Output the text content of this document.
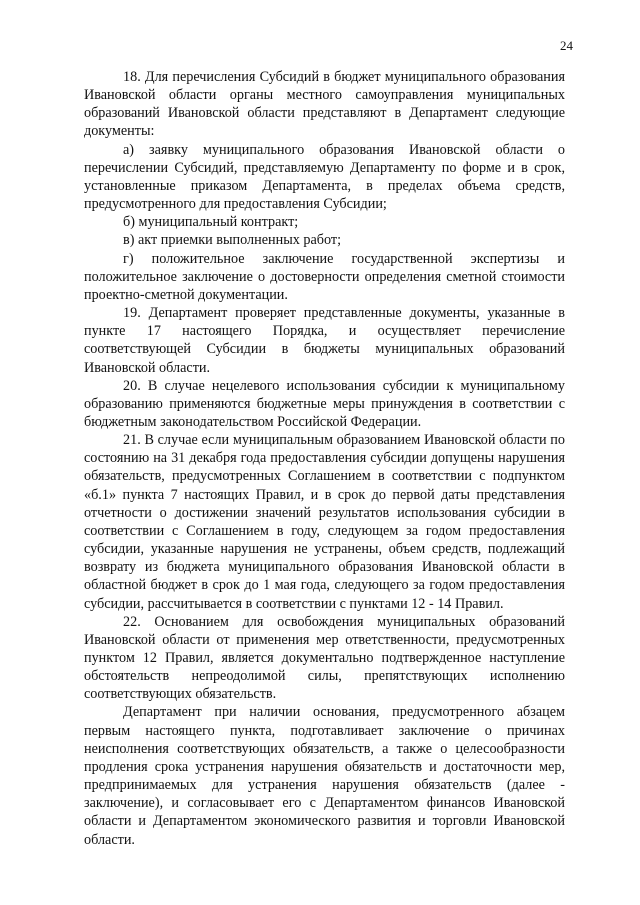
24

18. Для перечисления Субсидий в бюджет муниципального образования Ивановской области органы местного самоуправления муниципальных образований Ивановской области представляют в Департамент следующие документы:

а) заявку муниципального образования Ивановской области о перечислении Субсидий, представляемую Департаменту по форме и в срок, установленные приказом Департамента, в пределах объема средств, предусмотренного для предоставления Субсидии;

б) муниципальный контракт;

в) акт приемки выполненных работ;

г) положительное заключение государственной экспертизы и положительное заключение о достоверности определения сметной стоимости проектно-сметной документации.

19. Департамент проверяет представленные документы, указанные в пункте 17 настоящего Порядка, и осуществляет перечисление соответствующей Субсидии в бюджеты муниципальных образований Ивановской области.

20. В случае нецелевого использования субсидии к муниципальному образованию применяются бюджетные меры принуждения в соответствии с бюджетным законодательством Российской Федерации.

21. В случае если муниципальным образованием Ивановской области по состоянию на 31 декабря года предоставления субсидии допущены нарушения обязательств, предусмотренных Соглашением в соответствии с подпунктом «б.1» пункта 7 настоящих Правил, и в срок до первой даты представления отчетности о достижении значений результатов использования субсидии в соответствии с Соглашением в году, следующем за годом предоставления субсидии, указанные нарушения не устранены, объем средств, подлежащий возврату из бюджета муниципального образования Ивановской области в областной бюджет в срок до 1 мая года, следующего за годом предоставления субсидии, рассчитывается в соответствии с пунктами 12 - 14 Правил.

22. Основанием для освобождения муниципальных образований Ивановской области от применения мер ответственности, предусмотренных пунктом 12 Правил, является документально подтвержденное наступление обстоятельств непреодолимой силы, препятствующих исполнению соответствующих обязательств.

Департамент при наличии основания, предусмотренного абзацем первым настоящего пункта, подготавливает заключение о причинах неисполнения соответствующих обязательств, а также о целесообразности продления срока устранения нарушения обязательств и достаточности мер, предпринимаемых для устранения нарушения обязательств (далее - заключение), и согласовывает его с Департаментом финансов Ивановской области и Департаментом экономического развития и торговли Ивановской области.
